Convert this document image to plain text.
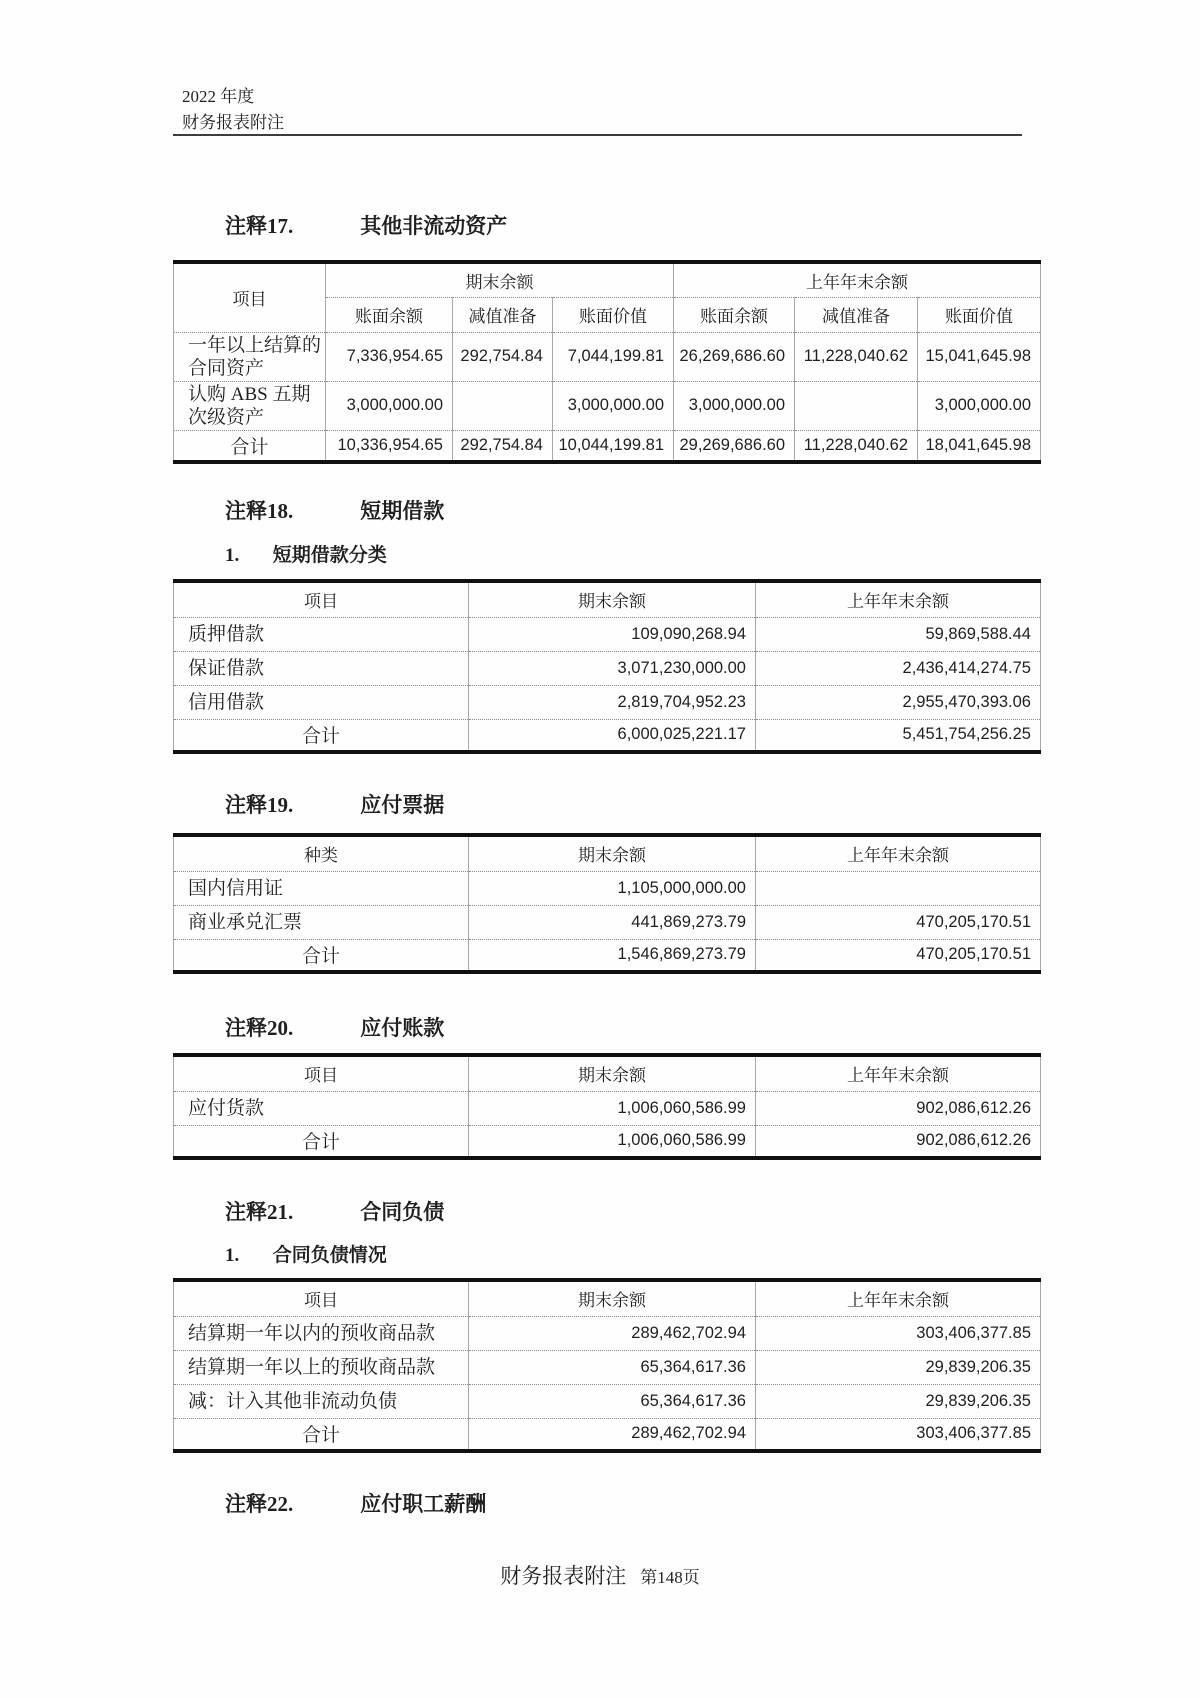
2022 年度
财务报表附注
注释17.	其他非流动资产
项目	期末余额			上年年末余额		
	账面余额	减值准备	账面价值	账面余额	减值准备	账面价值
一年以上结算的合同资产	7,336,954.65	292,754.84	7,044,199.81	26,269,686.60	11,228,040.62	15,041,645.98
认购 ABS 五期次级资产	3,000,000.00		3,000,000.00	3,000,000.00		3,000,000.00
合计	10,336,954.65	292,754.84	10,044,199.81	29,269,686.60	11,228,040.62	18,041,645.98
注释18.	短期借款
1. 短期借款分类
项目	期末余额	上年年末余额
质押借款	109,090,268.94	59,869,588.44
保证借款	3,071,230,000.00	2,436,414,274.75
信用借款	2,819,704,952.23	2,955,470,393.06
合计	6,000,025,221.17	5,451,754,256.25
注释19.	应付票据
种类	期末余额	上年年末余额
国内信用证	1,105,000,000.00	
商业承兑汇票	441,869,273.79	470,205,170.51
合计	1,546,869,273.79	470,205,170.51
注释20.	应付账款
项目	期末余额	上年年末余额
应付货款	1,006,060,586.99	902,086,612.26
合计	1,006,060,586.99	902,086,612.26
注释21.	合同负债
1. 合同负债情况
项目	期末余额	上年年末余额
结算期一年以内的预收商品款	289,462,702.94	303,406,377.85
结算期一年以上的预收商品款	65,364,617.36	29,839,206.35
减：计入其他非流动负债	65,364,617.36	29,839,206.35
合计	289,462,702.94	303,406,377.85
注释22.	应付职工薪酬
财务报表附注 第148页
